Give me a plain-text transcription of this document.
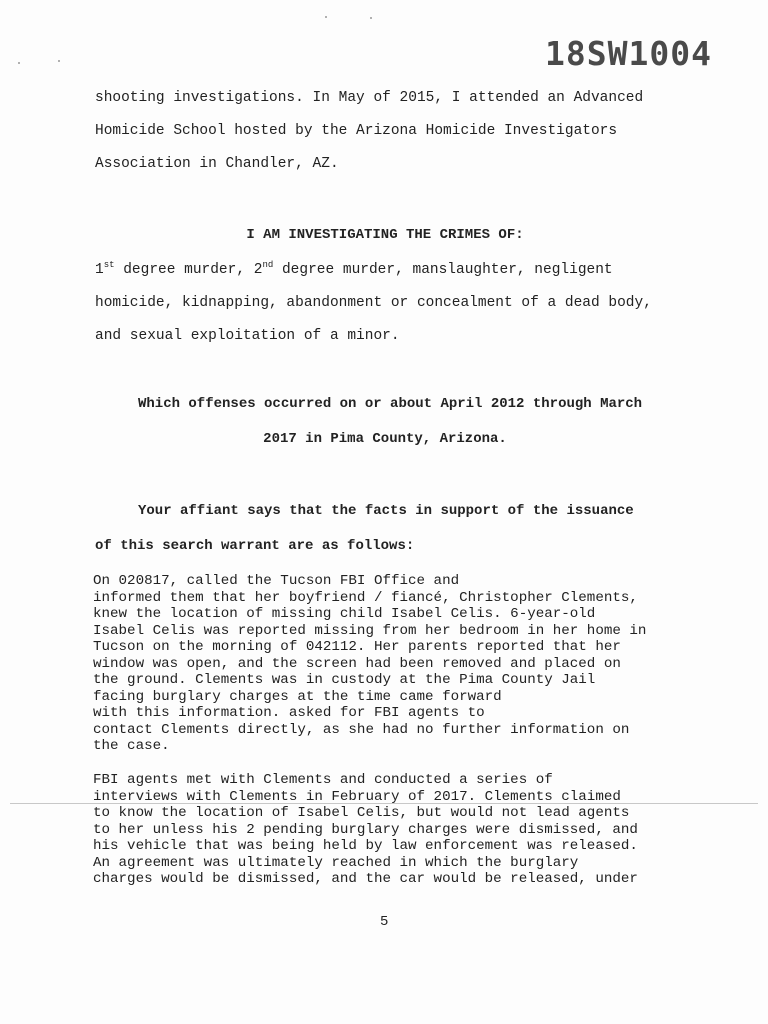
18SW1004
shooting investigations. In May of 2015, I attended an Advanced
Homicide School hosted by the Arizona Homicide Investigators
Association in Chandler, AZ.
I AM INVESTIGATING THE CRIMES OF:
1st degree murder, 2nd degree murder, manslaughter, negligent
homicide, kidnapping, abandonment or concealment of a dead body,
and sexual exploitation of a minor.
Which offenses occurred on or about April 2012 through March
2017 in Pima County, Arizona.
Your affiant says that the facts in support of the issuance
of this search warrant are as follows:
On 020817, called the Tucson FBI Office and
informed them that her boyfriend / fiancé, Christopher Clements,
knew the location of missing child Isabel Celis. 6-year-old
Isabel Celis was reported missing from her bedroom in her home in
Tucson on the morning of 042112. Her parents reported that her
window was open, and the screen had been removed and placed on
the ground. Clements was in custody at the Pima County Jail
facing burglary charges at the time came forward
with this information. asked for FBI agents to
contact Clements directly, as she had no further information on
the case.
FBI agents met with Clements and conducted a series of
interviews with Clements in February of 2017. Clements claimed
to know the location of Isabel Celis, but would not lead agents
to her unless his 2 pending burglary charges were dismissed, and
his vehicle that was being held by law enforcement was released.
An agreement was ultimately reached in which the burglary
charges would be dismissed, and the car would be released, under
5
